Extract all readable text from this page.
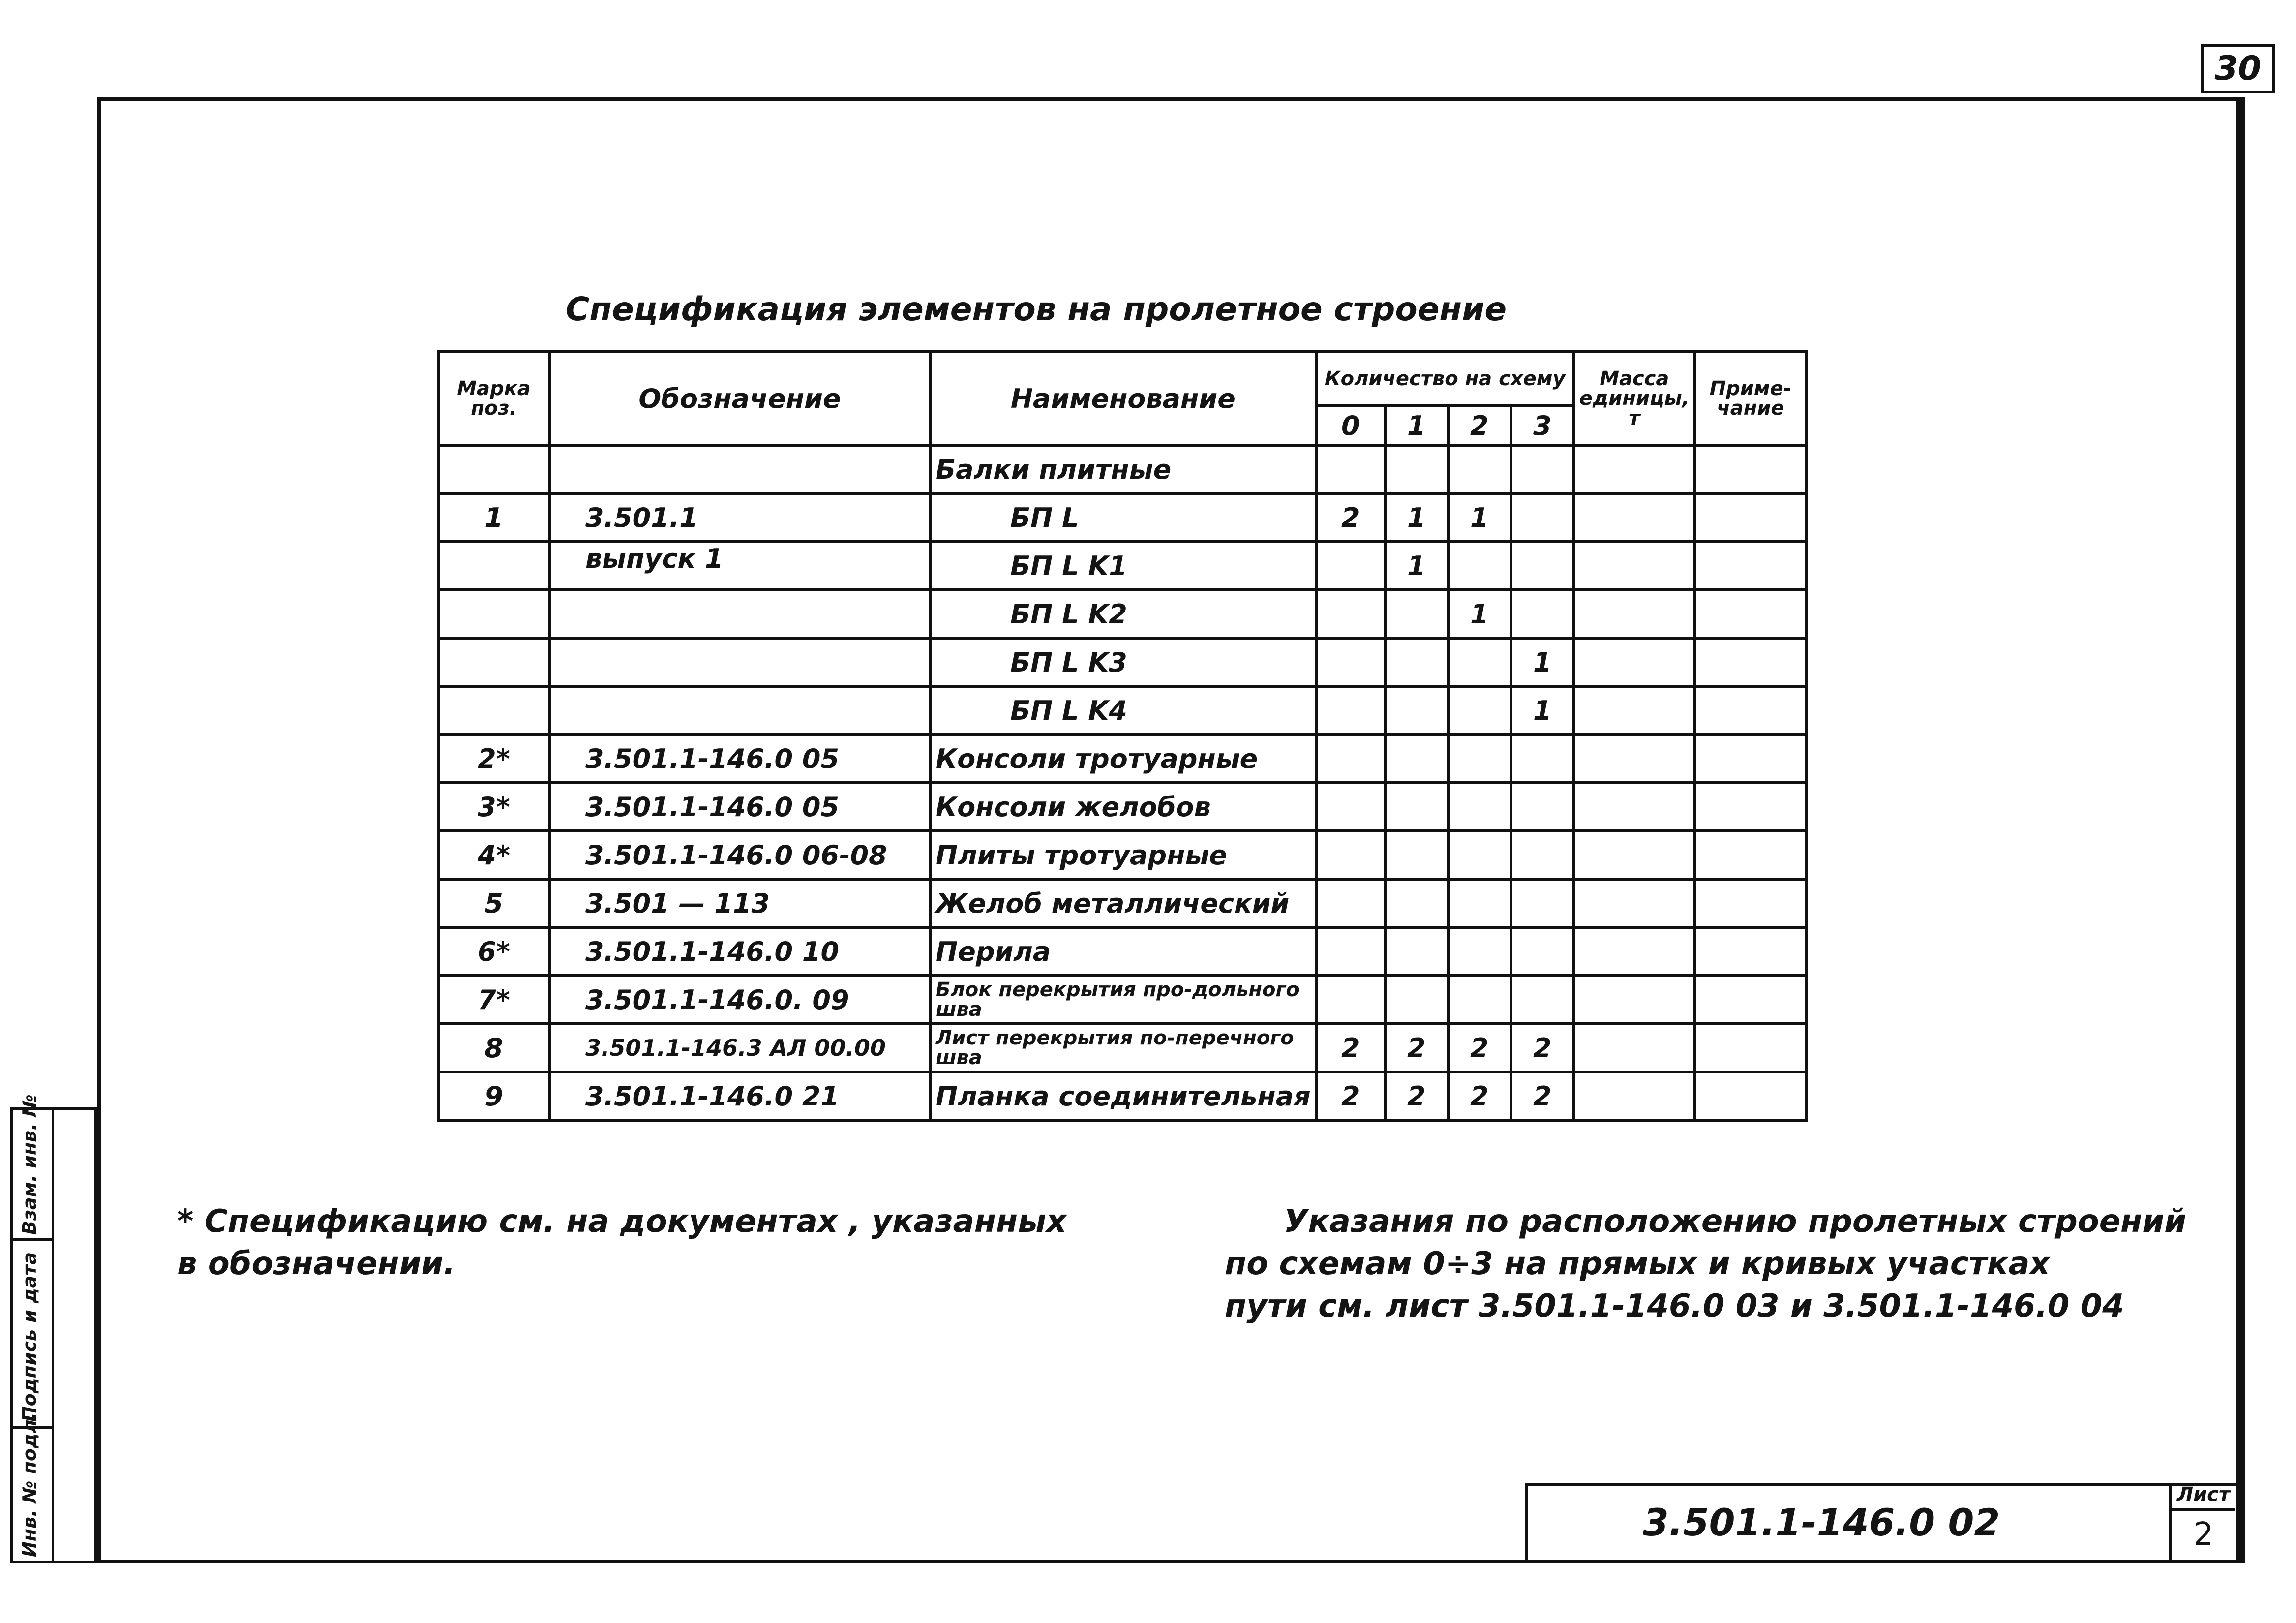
30
Спецификация элементов на пролетное строение
Марка поз.	Обозначение	Наименование	Количество на схему				Масса единицы, т	Приме-чание
			0	1	2	3		
		Балки плитные						
1	3.501.1	БП L	2	1	1			
	выпуск 1	БП L K1		1				
		БП L K2			1			
		БП L K3				1		
		БП L K4				1		
2*	3.501.1-146.0 05	Консоли тротуарные						
3*	3.501.1-146.0 05	Консоли желобов						
4*	3.501.1-146.0 06-08	Плиты тротуарные						
5	3.501 — 113	Желоб металлический						
6*	3.501.1-146.0 10	Перила						
7*	3.501.1-146.0. 09	Блок перекрытия про-дольного шва						
8	3.501.1-146.3 АЛ 00.00	Лист перекрытия по-перечного шва	2	2	2	2		
9	3.501.1-146.0 21	Планка соединительная	2	2	2	2		
* Спецификацию см. на документах , указанных
в обозначении.
Указания по расположению пролетных строений
по схемам 0÷3 на прямых и кривых участках
пути см. лист 3.501.1-146.0 03 и 3.501.1-146.0 04
3.501.1-146.0 02
Лист
2
Взам. инв. №
Подпись и дата
Инв. № подл.
